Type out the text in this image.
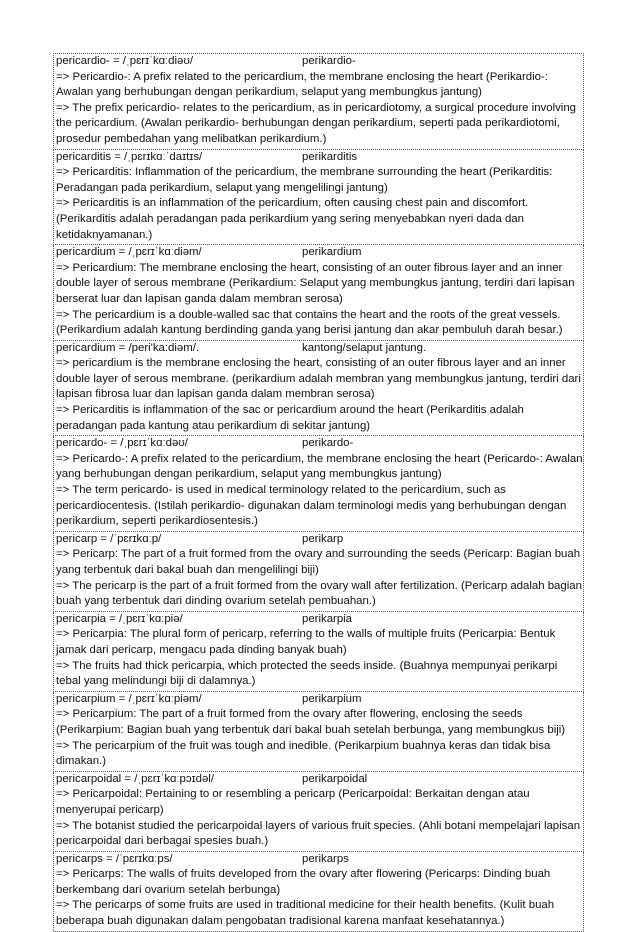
pericardio- = /ˌpɛrɪˈkɑːdiəʊ/	perikardio-

=> Pericardio-: A prefix related to the pericardium, the membrane enclosing the heart (Perikardio-: Awalan yang berhubungan dengan perikardium, selaput yang membungkus jantung)

=> The prefix pericardio- relates to the pericardium, as in pericardiotomy, a surgical procedure involving the pericardium. (Awalan perikardio- berhubungan dengan perikardium, seperti pada perikardiotomi, prosedur pembedahan yang melibatkan perikardium.)

pericarditis = /ˌpɛrɪkɑːˈdaɪtɪs/	perikarditis

=> Pericarditis: Inflammation of the pericardium, the membrane surrounding the heart (Perikarditis: Peradangan pada perikardium, selaput yang mengelilingi jantung)

=> Pericarditis is an inflammation of the pericardium, often causing chest pain and discomfort. (Perikarditis adalah peradangan pada perikardium yang sering menyebabkan nyeri dada dan ketidaknyamanan.)

pericardium = /ˌpɛrɪˈkɑːdiəm/	perikardium

=> Pericardium: The membrane enclosing the heart, consisting of an outer fibrous layer and an inner double layer of serous membrane (Perikardium: Selaput yang membungkus jantung, terdiri dari lapisan berserat luar dan lapisan ganda dalam membran serosa)

=> The pericardium is a double-walled sac that contains the heart and the roots of the great vessels. (Perikardium adalah kantung berdinding ganda yang berisi jantung dan akar pembuluh darah besar.)

pericardium = /peri'ka:diəm/.	kantong/selaput jantung.

=> pericardium is the membrane enclosing the heart, consisting of an outer fibrous layer and an inner double layer of serous membrane. (perikardium adalah membran yang membungkus jantung, terdiri dari lapisan fibrosa luar dan lapisan ganda dalam membran serosa)

=> Pericarditis is inflammation of the sac or pericardium around the heart (Perikarditis adalah peradangan pada kantung atau perikardium di sekitar jantung)

pericardo- = /ˌpɛrɪˈkɑːdəʊ/	perikardo-

=> Pericardo-: A prefix related to the pericardium, the membrane enclosing the heart (Pericardo-: Awalan yang berhubungan dengan perikardium, selaput yang membungkus jantung)

=> The term pericardo- is used in medical terminology related to the pericardium, such as pericardiocentesis. (Istilah perikardio- digunakan dalam terminologi medis yang berhubungan dengan perikardium, seperti perikardiosentesis.)

pericarp = /ˈpɛrɪkɑːp/	perikarp

=> Pericarp: The part of a fruit formed from the ovary and surrounding the seeds (Pericarp: Bagian buah yang terbentuk dari bakal buah dan mengelilingi biji)

=> The pericarp is the part of a fruit formed from the ovary wall after fertilization. (Pericarp adalah bagian buah yang terbentuk dari dinding ovarium setelah pembuahan.)

pericarpia = /ˌpɛrɪˈkɑːpiə/	perikarpia

=> Pericarpia: The plural form of pericarp, referring to the walls of multiple fruits (Pericarpia: Bentuk jamak dari pericarp, mengacu pada dinding banyak buah)

=> The fruits had thick pericarpia, which protected the seeds inside. (Buahnya mempunyai perikarpi tebal yang melindungi biji di dalamnya.)

pericarpium = /ˌpɛrɪˈkɑːpiəm/	perikarpium

=> Pericarpium: The part of a fruit formed from the ovary after flowering, enclosing the seeds (Perikarpium: Bagian buah yang terbentuk dari bakal buah setelah berbunga, yang membungkus biji)

=> The pericarpium of the fruit was tough and inedible. (Perikarpium buahnya keras dan tidak bisa dimakan.)

pericarpoidal = /ˌpɛrɪˈkɑːpɔɪdəl/	perikarpoidal

=> Pericarpoidal: Pertaining to or resembling a pericarp (Pericarpoidal: Berkaitan dengan atau menyerupai pericarp)

=> The botanist studied the pericarpoidal layers of various fruit species. (Ahli botani mempelajari lapisan pericarpoidal dari berbagai spesies buah.)

pericarps = /ˈpɛrɪkɑːps/	perikarps

=> Pericarps: The walls of fruits developed from the ovary after flowering (Pericarps: Dinding buah berkembang dari ovarium setelah berbunga)

=> The pericarps of some fruits are used in traditional medicine for their health benefits. (Kulit buah beberapa buah digunakan dalam pengobatan tradisional karena manfaat kesehatannya.)
